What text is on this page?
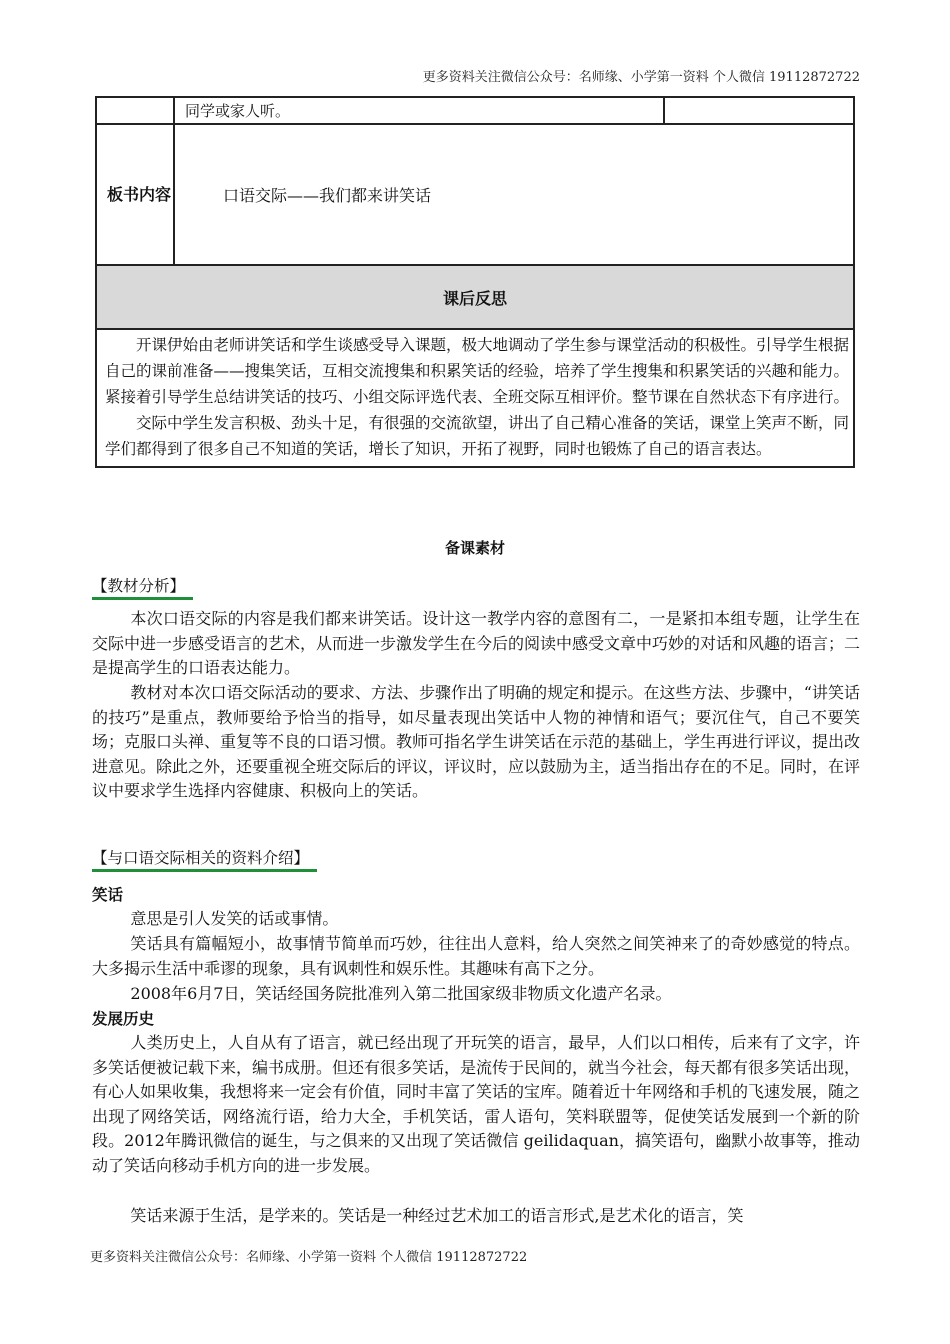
更多资料关注微信公众号：名师缘、小学第一资料 个人微信 19112872722
	同学或家人听。	
板书内容	口语交际——我们都来讲笑话	
课后反思		

开课伊始由老师讲笑话和学生谈感受导入课题，极大地调动了学生参与课堂活动的积极性。引导学生根据自己的课前准备——搜集笑话，互相交流搜集和积累笑话的经验，培养了学生搜集和积累笑话的兴趣和能力。紧接着引导学生总结讲笑话的技巧、小组交际评选代表、全班交际互相评价。整节课在自然状态下有序进行。

交际中学生发言积极、劲头十足，有很强的交流欲望，讲出了自己精心准备的笑话，课堂上笑声不断，同学们都得到了很多自己不知道的笑话，增长了知识，开拓了视野，同时也锻炼了自己的语言表达。		

备课素材
【教材分析】

本次口语交际的内容是我们都来讲笑话。设计这一教学内容的意图有二，一是紧扣本组专题，让学生在交际中进一步感受语言的艺术，从而进一步激发学生在今后的阅读中感受文章中巧妙的对话和风趣的语言；二是提高学生的口语表达能力。

教材对本次口语交际活动的要求、方法、步骤作出了明确的规定和提示。在这些方法、步骤中，“讲笑话的技巧”是重点，教师要给予恰当的指导，如尽量表现出笑话中人物的神情和语气；要沉住气，自己不要笑场；克服口头禅、重复等不良的口语习惯。教师可指名学生讲笑话在示范的基础上，学生再进行评议，提出改进意见。除此之外，还要重视全班交际后的评议，评议时，应以鼓励为主，适当指出存在的不足。同时，在评议中要求学生选择内容健康、积极向上的笑话。

【与口语交际相关的资料介绍】
笑话

意思是引人发笑的话或事情。

笑话具有篇幅短小，故事情节简单而巧妙，往往出人意料，给人突然之间笑神来了的奇妙感觉的特点。大多揭示生活中乖谬的现象，具有讽刺性和娱乐性。其趣味有高下之分。

2008年6月7日，笑话经国务院批准列入第二批国家级非物质文化遗产名录。

发展历史

人类历史上，人自从有了语言，就已经出现了开玩笑的语言，最早，人们以口相传，后来有了文字，许多笑话便被记载下来，编书成册。但还有很多笑话，是流传于民间的，就当今社会，每天都有很多笑话出现，有心人如果收集，我想将来一定会有价值，同时丰富了笑话的宝库。随着近十年网络和手机的飞速发展，随之出现了网络笑话，网络流行语，给力大全，手机笑话，雷人语句，笑料联盟等，促使笑话发展到一个新的阶段。2012年腾讯微信的诞生，与之俱来的又出现了笑话微信 geilidaquan，搞笑语句，幽默小故事等，推动动了笑话向移动手机方向的进一步发展。

笑话来源于生活，是学来的。笑话是一种经过艺术加工的语言形式,是艺术化的语言，笑

更多资料关注微信公众号：名师缘、小学第一资料 个人微信 19112872722
